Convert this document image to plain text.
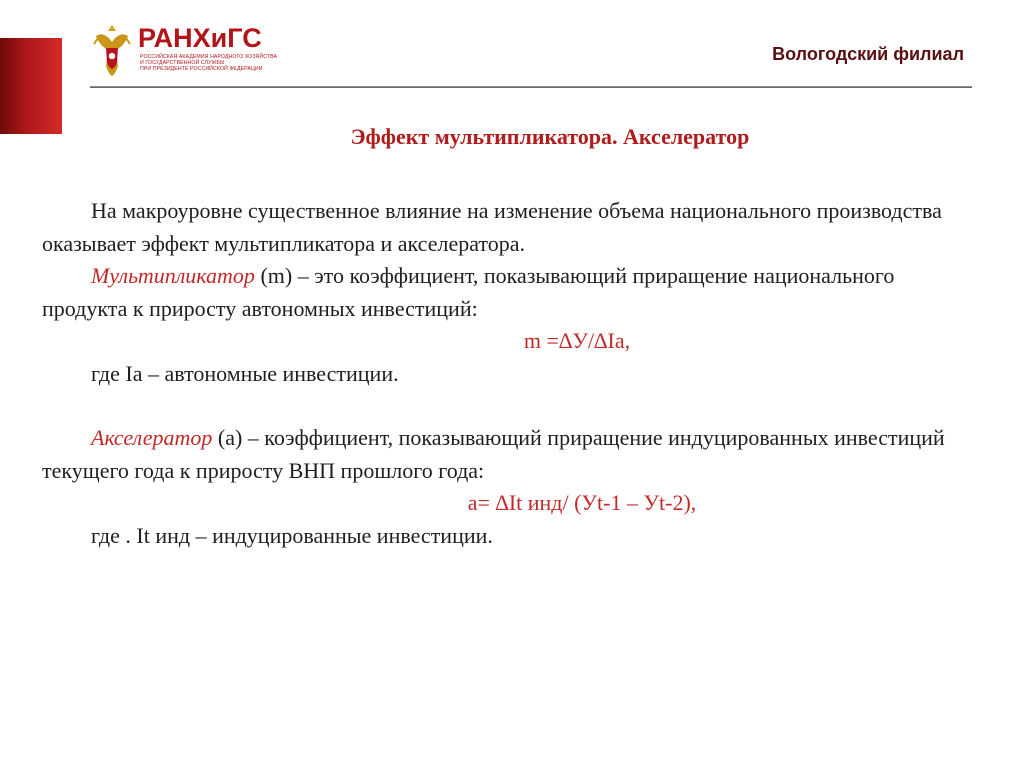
РАНХиГС
РОССИЙСКАЯ АКАДЕМИЯ НАРОДНОГО ХОЗЯЙСТВА
И ГОСУДАРСТВЕННОЙ СЛУЖБЫ
ПРИ ПРЕЗИДЕНТЕ РОССИЙСКОЙ ФЕДЕРАЦИИ
Вологодский филиал
Эффект мультипликатора. Акселератор

На макроуровне существенное влияние на изменение объема национального производства оказывает эффект мультипликатора и акселератора.

Мультипликатор (m) – это коэффициент, показывающий приращение национального продукта к приросту автономных инвестиций:

m =∆У/∆Ia,

где Ia – автономные инвестиции.

Акселератор (a) – коэффициент, показывающий приращение индуцированных инвестиций текущего года к приросту ВНП прошлого года:

a= ∆It инд/ (Уt-1 – Уt-2),

где . It инд – индуцированные инвестиции.
